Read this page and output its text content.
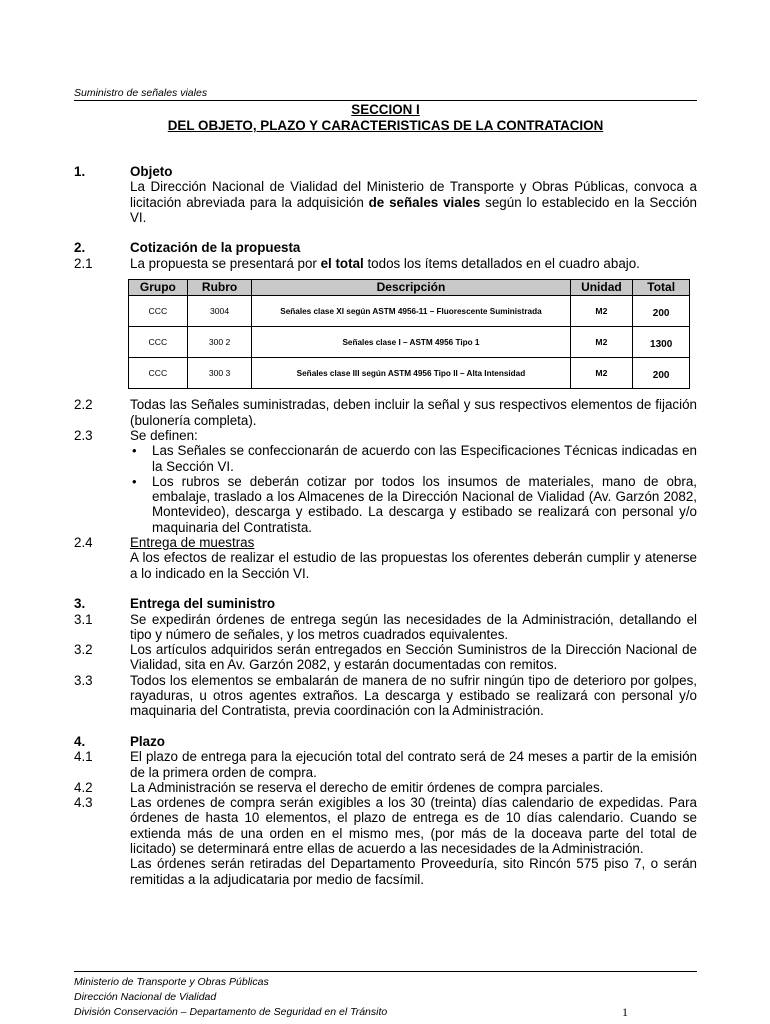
Suministro de señales viales
SECCION I
DEL OBJETO, PLAZO Y CARACTERISTICAS DE LA CONTRATACION
1.	Objeto
La Dirección Nacional de Vialidad del Ministerio de Transporte y Obras Públicas, convoca a licitación abreviada para la adquisición de señales viales según lo establecido en la Sección VI.
2.	Cotización de la propuesta
2.1	La propuesta se presentará por el total todos los ítems detallados en el cuadro abajo.
Grupo	Rubro	Descripción	Unidad	Total
CCC	3004	Señales clase XI según ASTM 4956-11 – Fluorescente Suministrada	M2	200
CCC	300 2	Señales clase I – ASTM 4956 Tipo 1	M2	1300
CCC	300 3	Señales clase III según ASTM 4956 Tipo II – Alta Intensidad	M2	200
2.2	Todas las Señales suministradas, deben incluir la señal y sus respectivos elementos de fijación (bulonería completa).
2.3	Se definen:
• Las Señales se confeccionarán de acuerdo con las Especificaciones Técnicas indicadas en la Sección VI.
• Los rubros se deberán cotizar por todos los insumos de materiales, mano de obra, embalaje, traslado a los Almacenes de la Dirección Nacional de Vialidad (Av. Garzón 2082, Montevideo), descarga y estibado. La descarga y estibado se realizará con personal y/o maquinaria del Contratista.
2.4	Entrega de muestras
A los efectos de realizar el estudio de las propuestas los oferentes deberán cumplir y atenerse a lo indicado en la Sección VI.
3.	Entrega del suministro
3.1	Se expedirán órdenes de entrega según las necesidades de la Administración, detallando el tipo y número de señales, y los metros cuadrados equivalentes.
3.2	Los artículos adquiridos serán entregados en Sección Suministros de la Dirección Nacional de Vialidad, sita en Av. Garzón 2082, y estarán documentadas con remitos.
3.3	Todos los elementos se embalarán de manera de no sufrir ningún tipo de deterioro por golpes, rayaduras, u otros agentes extraños. La descarga y estibado se realizará con personal y/o maquinaria del Contratista, previa coordinación con la Administración.
4.	Plazo
4.1	El plazo de entrega para la ejecución total del contrato será de 24 meses a partir de la emisión de la primera orden de compra.
4.2	La Administración se reserva el derecho de emitir órdenes de compra parciales.
4.3	Las ordenes de compra serán exigibles a los 30 (treinta) días calendario de expedidas. Para órdenes de hasta 10 elementos, el plazo de entrega es de 10 días calendario. Cuando se extienda más de una orden en el mismo mes, (por más de la doceava parte del total de licitado) se determinará entre ellas de acuerdo a las necesidades de la Administración.
Las órdenes serán retiradas del Departamento Proveeduría, sito Rincón 575 piso 7, o serán remitidas a la adjudicataria por medio de facsímil.
Ministerio de Transporte y Obras Públicas
Dirección Nacional de Vialidad
División Conservación – Departamento de Seguridad en el Tránsito	1
